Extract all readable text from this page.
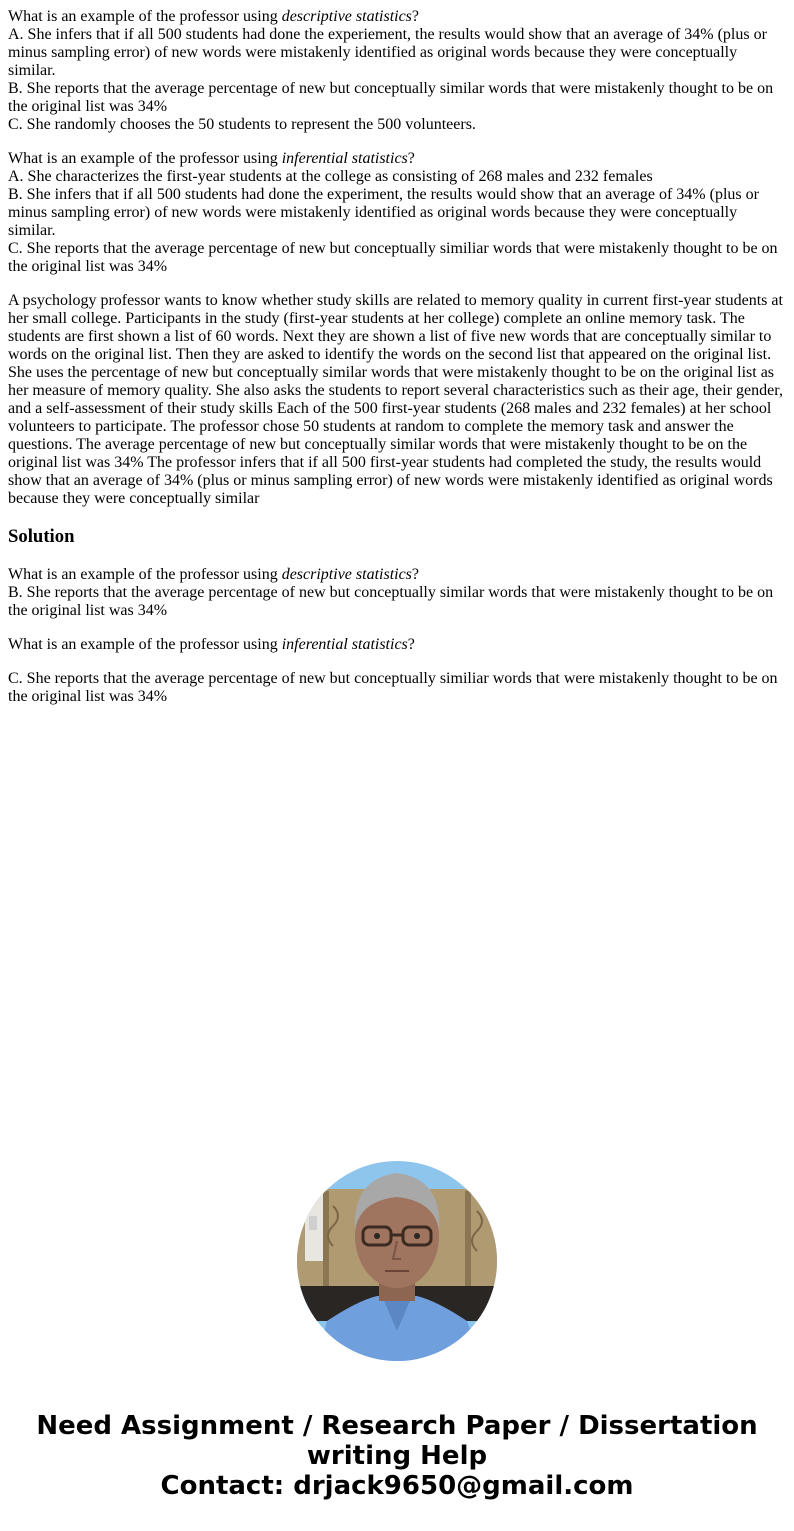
What is an example of the professor using descriptive statistics?
A. She infers that if all 500 students had done the experiement, the results would show that an average of 34% (plus or minus sampling error) of new words were mistakenly identified as original words because they were conceptually similar.
B. She reports that the average percentage of new but conceptually similar words that were mistakenly thought to be on the original list was 34%
C. She randomly chooses the 50 students to represent the 500 volunteers.

What is an example of the professor using inferential statistics?
A. She characterizes the first-year students at the college as consisting of 268 males and 232 females
B. She infers that if all 500 students had done the experiment, the results would show that an average of 34% (plus or minus sampling error) of new words were mistakenly identified as original words because they were conceptually similar.
C. She reports that the average percentage of new but conceptually similiar words that were mistakenly thought to be on the original list was 34%

A psychology professor wants to know whether study skills are related to memory quality in current first-year students at her small college. Participants in the study (first-year students at her college) complete an online memory task. The students are first shown a list of 60 words. Next they are shown a list of five new words that are conceptually similar to words on the original list. Then they are asked to identify the words on the second list that appeared on the original list. She uses the percentage of new but conceptually similar words that were mistakenly thought to be on the original list as her measure of memory quality. She also asks the students to report several characteristics such as their age, their gender, and a self-assessment of their study skills Each of the 500 first-year students (268 males and 232 females) at her school volunteers to participate. The professor chose 50 students at random to complete the memory task and answer the questions. The average percentage of new but conceptually similar words that were mistakenly thought to be on the original list was 34% The professor infers that if all 500 first-year students had completed the study, the results would show that an average of 34% (plus or minus sampling error) of new words were mistakenly identified as original words because they were conceptually similar

Solution

What is an example of the professor using descriptive statistics?
B. She reports that the average percentage of new but conceptually similar words that were mistakenly thought to be on the original list was 34%

What is an example of the professor using inferential statistics?

C. She reports that the average percentage of new but conceptually similiar words that were mistakenly thought to be on the original list was 34%

Need Assignment / Research Paper / Dissertation
writing Help
Contact: drjack9650@gmail.com
